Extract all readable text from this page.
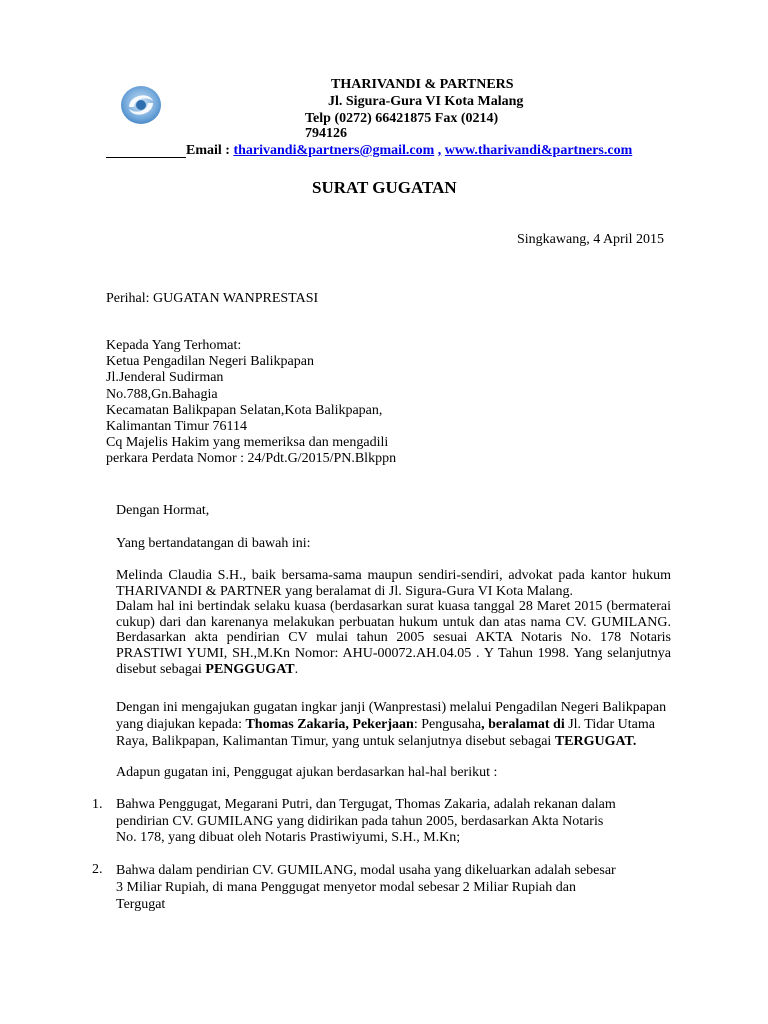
THARIVANDI & PARTNERS
Jl. Sigura-Gura VI Kota Malang
Telp (0272) 66421875 Fax (0214)
794126
Email : tharivandi&partners@gmail.com , www.tharivandi&partners.com
SURAT GUGATAN
Singkawang, 4 April 2015
Perihal: GUGATAN WANPRESTASI
Kepada Yang Terhomat:
Ketua Pengadilan Negeri Balikpapan
Jl.Jenderal Sudirman
No.788,Gn.Bahagia
Kecamatan Balikpapan Selatan,Kota Balikpapan,
Kalimantan Timur 76114
Cq Majelis Hakim yang memeriksa dan mengadili
perkara Perdata Nomor : 24/Pdt.G/2015/PN.Blkppn
Dengan Hormat,
Yang bertandatangan di bawah ini:
Melinda Claudia S.H., baik bersama-sama maupun sendiri-sendiri, advokat pada kantor hukum
THARIVANDI & PARTNER yang beralamat di Jl. Sigura-Gura VI Kota Malang.
Dalam hal ini bertindak selaku kuasa (berdasarkan surat kuasa tanggal 28 Maret 2015 (bermaterai
cukup) dari dan karenanya melakukan perbuatan hukum untuk dan atas nama CV. GUMILANG.
Berdasarkan akta pendirian CV mulai tahun 2005 sesuai AKTA Notaris No. 178 Notaris
PRASTIWI YUMI, SH.,M.Kn Nomor: AHU-00072.AH.04.05 . Y Tahun 1998. Yang selanjutnya
disebut sebagai PENGGUGAT.
Dengan ini mengajukan gugatan ingkar janji (Wanprestasi) melalui Pengadilan Negeri Balikpapan
yang diajukan kepada: Thomas Zakaria, Pekerjaan: Pengusaha, beralamat di Jl. Tidar Utama
Raya, Balikpapan, Kalimantan Timur, yang untuk selanjutnya disebut sebagai TERGUGAT.
Adapun gugatan ini, Penggugat ajukan berdasarkan hal-hal berikut :
1. Bahwa Penggugat, Megarani Putri, dan Tergugat, Thomas Zakaria, adalah rekanan dalam
pendirian CV. GUMILANG yang didirikan pada tahun 2005, berdasarkan Akta Notaris
No. 178, yang dibuat oleh Notaris Prastiwiyumi, S.H., M.Kn;
2. Bahwa dalam pendirian CV. GUMILANG, modal usaha yang dikeluarkan adalah sebesar
3 Miliar Rupiah, di mana Penggugat menyetor modal sebesar 2 Miliar Rupiah dan
Tergugat
